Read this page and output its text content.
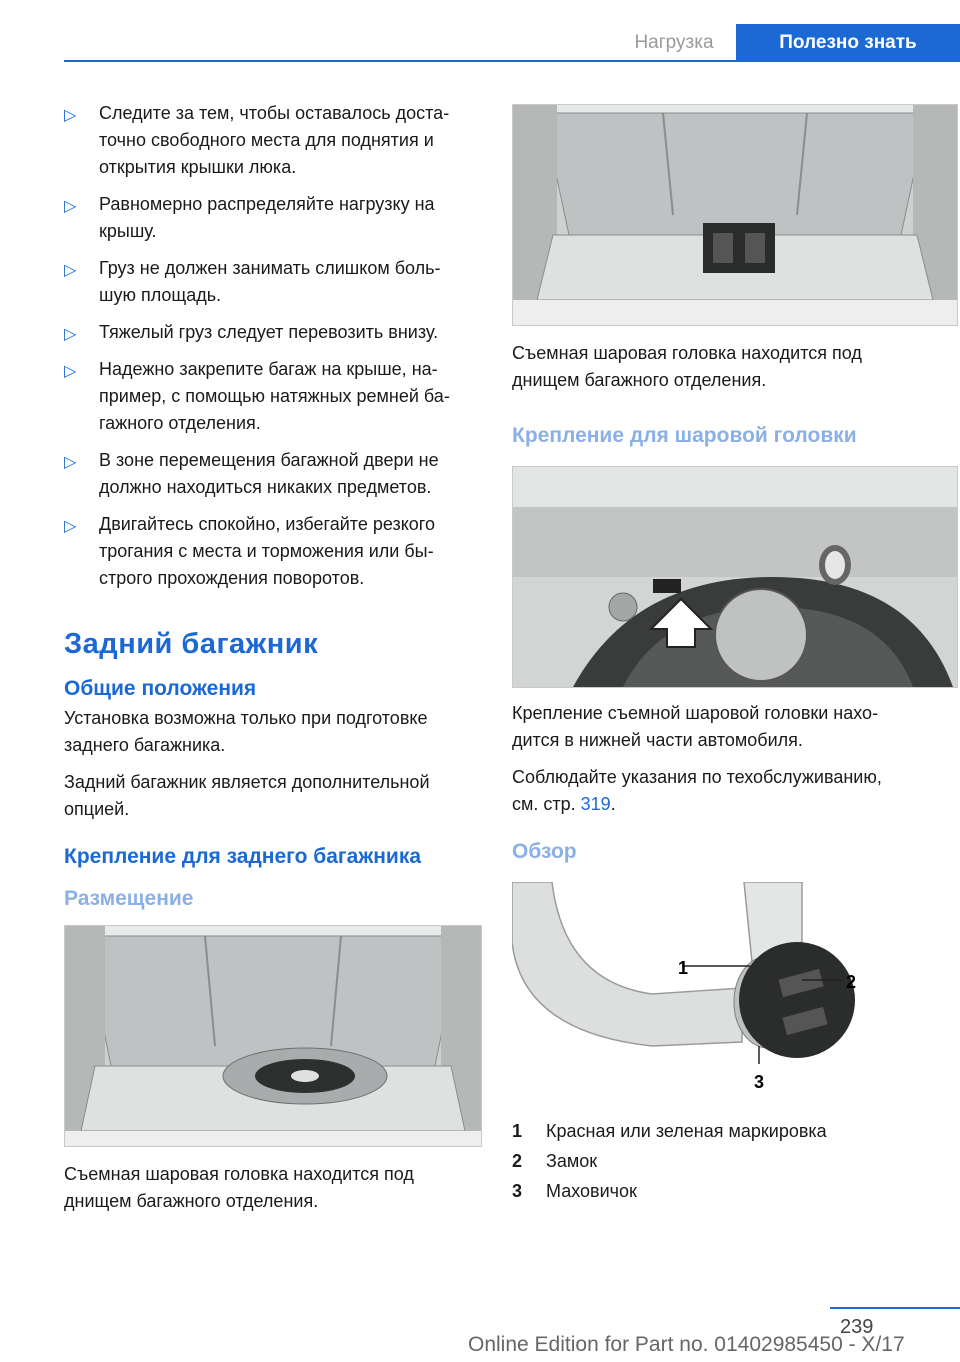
Нагрузка	Полезно знать
▷ Следите за тем, чтобы оставалось доста‐
точно свободного места для поднятия и
открытия крышки люка.
▷ Равномерно распределяйте нагрузку на
крышу.
▷ Груз не должен занимать слишком боль‐
шую площадь.
▷ Тяжелый груз следует перевозить внизу.
▷ Надежно закрепите багаж на крыше, на‐
пример, с помощью натяжных ремней ба‐
гажного отделения.
▷ В зоне перемещения багажной двери не
должно находиться никаких предметов.
▷ Двигайтесь спокойно, избегайте резкого
трогания с места и торможения или бы‐
строго прохождения поворотов.
Задний багажник
Общие положения

Установка возможна только при подготовке
заднего багажника.

Задний багажник является дополнительной
опцией.

Крепление для заднего багажника
Размещение
Съемная шаровая головка находится под
днищем багажного отделения.
Съемная шаровая головка находится под
днищем багажного отделения.
Крепление для шаровой головки

Крепление съемной шаровой головки нахо‐
дится в нижней части автомобиля.

Соблюдайте указания по техобслуживанию,
см. стр. 319.

Обзор
1
2
3
1	Красная или зеленая маркировка
2	Замок
3	Маховичок
239
Online Edition for Part no. 01402985450 - X/17
